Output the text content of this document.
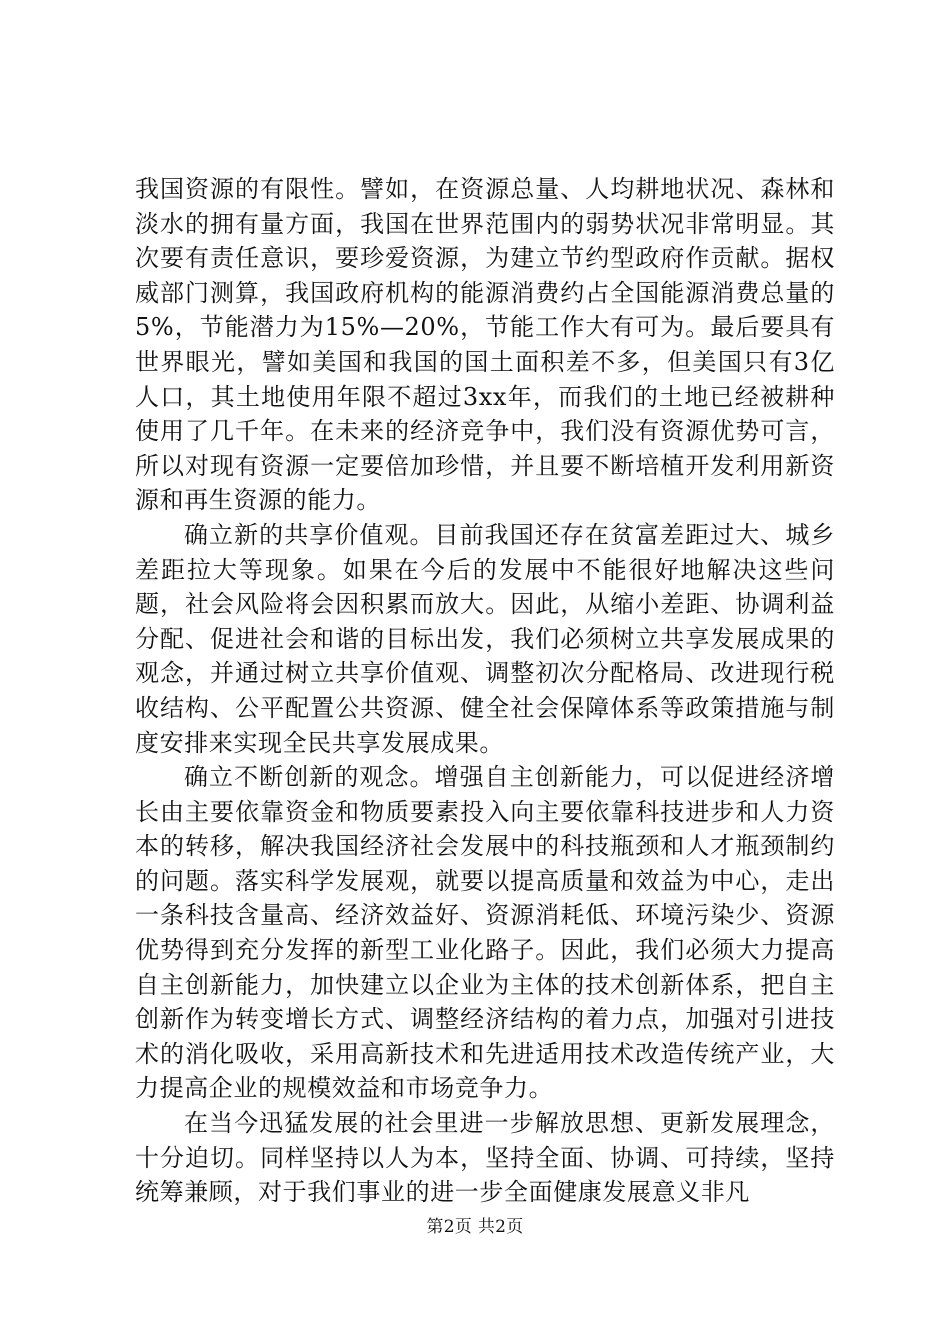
我国资源的有限性。譬如，在资源总量、人均耕地状况、森林和淡水的拥有量方面，我国在世界范围内的弱势状况非常明显。其次要有责任意识，要珍爱资源，为建立节约型政府作贡献。据权威部门测算，我国政府机构的能源消费约占全国能源消费总量的5%，节能潜力为15%—20%，节能工作大有可为。最后要具有世界眼光，譬如美国和我国的国土面积差不多，但美国只有3亿人口，其土地使用年限不超过3xx年，而我们的土地已经被耕种使用了几千年。在未来的经济竞争中，我们没有资源优势可言，所以对现有资源一定要倍加珍惜，并且要不断培植开发利用新资源和再生资源的能力。

确立新的共享价值观。目前我国还存在贫富差距过大、城乡差距拉大等现象。如果在今后的发展中不能很好地解决这些问题，社会风险将会因积累而放大。因此，从缩小差距、协调利益分配、促进社会和谐的目标出发，我们必须树立共享发展成果的观念，并通过树立共享价值观、调整初次分配格局、改进现行税收结构、公平配置公共资源、健全社会保障体系等政策措施与制度安排来实现全民共享发展成果。

确立不断创新的观念。增强自主创新能力，可以促进经济增长由主要依靠资金和物质要素投入向主要依靠科技进步和人力资本的转移，解决我国经济社会发展中的科技瓶颈和人才瓶颈制约的问题。落实科学发展观，就要以提高质量和效益为中心，走出一条科技含量高、经济效益好、资源消耗低、环境污染少、资源优势得到充分发挥的新型工业化路子。因此，我们必须大力提高自主创新能力，加快建立以企业为主体的技术创新体系，把自主创新作为转变增长方式、调整经济结构的着力点，加强对引进技术的消化吸收，采用高新技术和先进适用技术改造传统产业，大力提高企业的规模效益和市场竞争力。

在当今迅猛发展的社会里进一步解放思想、更新发展理念，十分迫切。同样坚持以人为本，坚持全面、协调、可持续，坚持统筹兼顾，对于我们事业的进一步全面健康发展意义非凡

第2页 共2页
